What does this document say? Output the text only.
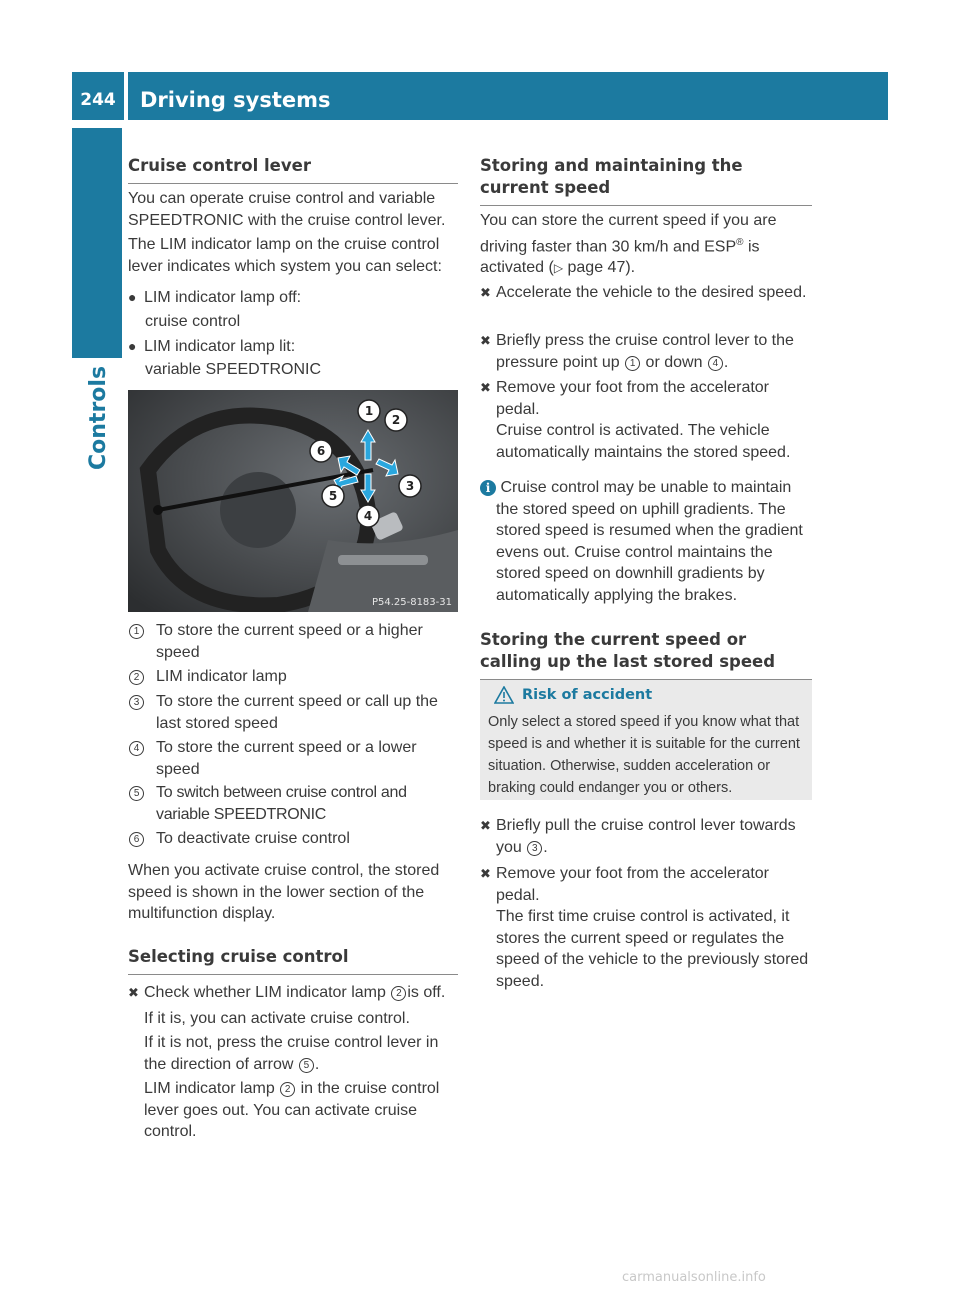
244	Driving systems
Controls
Cruise control lever
You can operate cruise control and variable SPEEDTRONIC with the cruise control lever.
The LIM indicator lamp on the cruise control lever indicates which system you can select:
● LIM indicator lamp off:
cruise control
● LIM indicator lamp lit:
variable SPEEDTRONIC
1
2
3
4
5
6
P54.25-8183-31
1 To store the current speed or a higher speed
2 LIM indicator lamp
3 To store the current speed or call up the last stored speed
4 To store the current speed or a lower speed
5 To switch between cruise control and variable SPEEDTRONIC
6 To deactivate cruise control
When you activate cruise control, the stored speed is shown in the lower section of the multifunction display.
Selecting cruise control
✖ Check whether LIM indicator lamp 2 is off.
If it is, you can activate cruise control.
If it is not, press the cruise control lever in the direction of arrow 5 .
LIM indicator lamp 2 in the cruise control lever goes out. You can activate cruise control.
Storing and maintaining the current speed
You can store the current speed if you are driving faster than 30 km/h and ESP® is activated (▷ page 47).
✖ Accelerate the vehicle to the desired speed.
✖ Briefly press the cruise control lever to the pressure point up 1 or down 4 .
✖ Remove your foot from the accelerator pedal.
Cruise control is activated. The vehicle automatically maintains the stored speed.
i Cruise control may be unable to maintain the stored speed on uphill gradients. The stored speed is resumed when the gradient evens out. Cruise control maintains the stored speed on downhill gradients by automatically applying the brakes.
Storing the current speed or calling up the last stored speed
Risk of accident
Only select a stored speed if you know what that speed is and whether it is suitable for the current situation. Otherwise, sudden acceleration or braking could endanger you or others.
✖ Briefly pull the cruise control lever towards you 3 .
✖ Remove your foot from the accelerator pedal.
The first time cruise control is activated, it stores the current speed or regulates the speed of the vehicle to the previously stored speed.
carmanualsonline.info
